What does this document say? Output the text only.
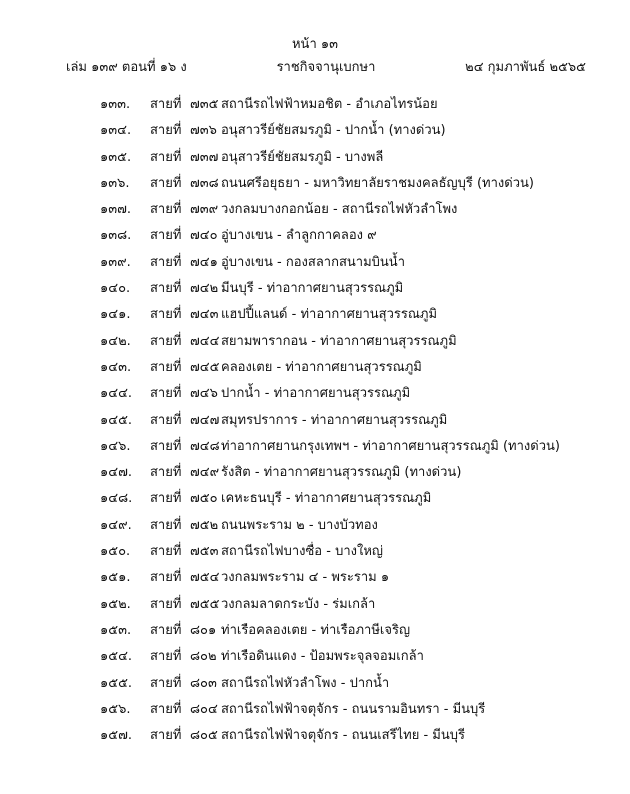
หน้า ๑๓
เล่ม ๑๓๙ ตอนที่ ๑๖ ง	ราชกิจจานุเบกษา	๒๔ กุมภาพันธ์ ๒๕๖๕
๑๓๓.	สายที่ ๗๓๕ สถานีรถไฟฟ้าหมอชิต - อำเภอไทรน้อย
๑๓๔.	สายที่ ๗๓๖ อนุสาวรีย์ชัยสมรภูมิ - ปากน้ำ (ทางด่วน)
๑๓๕.	สายที่ ๗๓๗ อนุสาวรีย์ชัยสมรภูมิ - บางพลี
๑๓๖.	สายที่ ๗๓๘ ถนนศรีอยุธยา - มหาวิทยาลัยราชมงคลธัญบุรี (ทางด่วน)
๑๓๗.	สายที่ ๗๓๙ วงกลมบางกอกน้อย - สถานีรถไฟหัวลำโพง
๑๓๘.	สายที่ ๗๔๐ อู่บางเขน - ลำลูกกาคลอง ๙
๑๓๙.	สายที่ ๗๔๑ อู่บางเขน - กองสลากสนามบินน้ำ
๑๔๐.	สายที่ ๗๔๒ มีนบุรี - ท่าอากาศยานสุวรรณภูมิ
๑๔๑.	สายที่ ๗๔๓ แฮปปี้แลนด์ - ท่าอากาศยานสุวรรณภูมิ
๑๔๒.	สายที่ ๗๔๔ สยามพารากอน - ท่าอากาศยานสุวรรณภูมิ
๑๔๓.	สายที่ ๗๔๕ คลองเตย - ท่าอากาศยานสุวรรณภูมิ
๑๔๔.	สายที่ ๗๔๖ ปากน้ำ - ท่าอากาศยานสุวรรณภูมิ
๑๔๕.	สายที่ ๗๔๗ สมุทรปราการ - ท่าอากาศยานสุวรรณภูมิ
๑๔๖.	สายที่ ๗๔๘ ท่าอากาศยานกรุงเทพฯ - ท่าอากาศยานสุวรรณภูมิ (ทางด่วน)
๑๔๗.	สายที่ ๗๔๙ รังสิต - ท่าอากาศยานสุวรรณภูมิ (ทางด่วน)
๑๔๘.	สายที่ ๗๕๐ เคหะธนบุรี - ท่าอากาศยานสุวรรณภูมิ
๑๔๙.	สายที่ ๗๕๒ ถนนพระราม ๒ - บางบัวทอง
๑๕๐.	สายที่ ๗๕๓ สถานีรถไฟบางซื่อ - บางใหญ่
๑๕๑.	สายที่ ๗๕๔ วงกลมพระราม ๔ - พระราม ๑
๑๕๒.	สายที่ ๗๕๕ วงกลมลาดกระบัง - ร่มเกล้า
๑๕๓.	สายที่ ๘๐๑ ท่าเรือคลองเตย - ท่าเรือภาษีเจริญ
๑๕๔.	สายที่ ๘๐๒ ท่าเรือดินแดง - ป้อมพระจุลจอมเกล้า
๑๕๕.	สายที่ ๘๐๓ สถานีรถไฟหัวลำโพง - ปากน้ำ
๑๕๖.	สายที่ ๘๐๔ สถานีรถไฟฟ้าจตุจักร - ถนนรามอินทรา - มีนบุรี
๑๕๗.	สายที่ ๘๐๕ สถานีรถไฟฟ้าจตุจักร - ถนนเสรีไทย - มีนบุรี
